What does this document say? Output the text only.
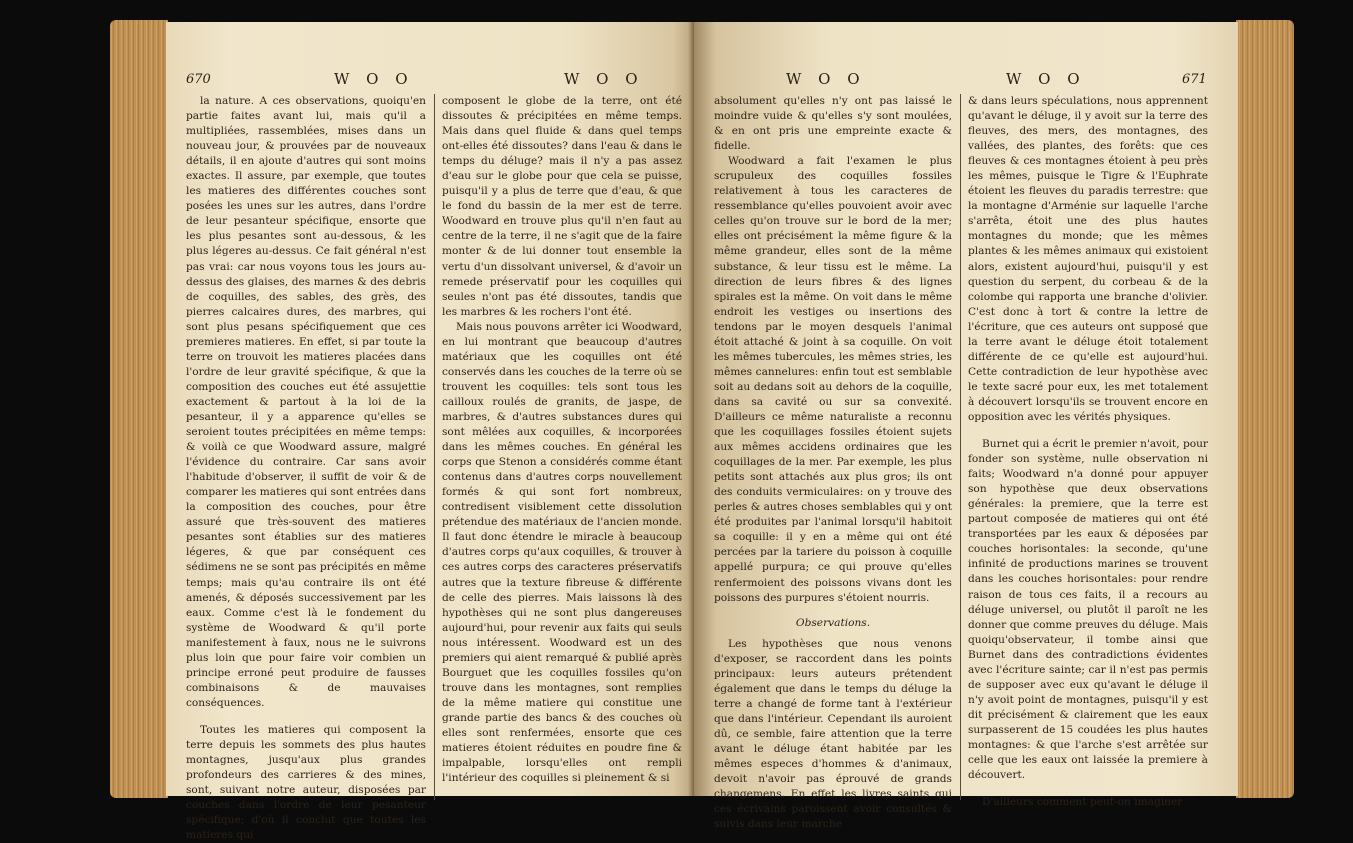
670	W O O	W O O

la nature. A ces observations, quoiqu'en partie faites avant lui, mais qu'il a multipliées, rassemblées, mises dans un nouveau jour, & prouvées par de nouveaux détails, il en ajoute d'autres qui sont moins exactes. Il assure, par exemple, que toutes les matieres des différentes couches sont posées les unes sur les autres, dans l'ordre de leur pesanteur spécifique, ensorte que les plus pesantes sont au-dessous, & les plus légeres au-dessus. Ce fait général n'est pas vrai: car nous voyons tous les jours au-dessus des glaises, des marnes & des debris de coquilles, des sables, des grès, des pierres calcaires dures, des marbres, qui sont plus pesans spécifiquement que ces premieres matieres. En effet, si par toute la terre on trouvoit les matieres placées dans l'ordre de leur gravité spécifique, & que la composition des couches eut été assujettie exactement & partout à la loi de la pesanteur, il y a apparence qu'elles se seroient toutes précipitées en même temps: & voilà ce que Woodward assure, malgré l'évidence du contraire. Car sans avoir l'habitude d'observer, il suffit de voir & de comparer les matieres qui sont entrées dans la composition des couches, pour être assuré que très-souvent des matieres pesantes sont établies sur des matieres légeres, & que par conséquent ces sédimens ne se sont pas précipités en même temps; mais qu'au contraire ils ont été amenés, & déposés successivement par les eaux. Comme c'est là le fondement du système de Woodward & qu'il porte manifestement à faux, nous ne le suivrons plus loin que pour faire voir combien un principe erroné peut produire de fausses combinaisons & de mauvaises conséquences.

Toutes les matieres qui composent la terre depuis les sommets des plus hautes montagnes, jusqu'aux plus grandes profondeurs des carrieres & des mines, sont, suivant notre auteur, disposées par couches dans l'ordre de leur pesanteur spécifique; d'où il conclut que toutes les matieres qui

composent le globe de la terre, ont été dissoutes & précipitées en même temps. Mais dans quel fluide & dans quel temps ont-elles été dissoutes? dans l'eau & dans le temps du déluge? mais il n'y a pas assez d'eau sur le globe pour que cela se puisse, puisqu'il y a plus de terre que d'eau, & que le fond du bassin de la mer est de terre. Woodward en trouve plus qu'il n'en faut au centre de la terre, il ne s'agit que de la faire monter & de lui donner tout ensemble la vertu d'un dissolvant universel, & d'avoir un remede préservatif pour les coquilles qui seules n'ont pas été dissoutes, tandis que les marbres & les rochers l'ont été.

Mais nous pouvons arrêter ici Woodward, en lui montrant que beaucoup d'autres matériaux que les coquilles ont été conservés dans les couches de la terre où se trouvent les coquilles: tels sont tous les cailloux roulés de granits, de jaspe, de marbres, & d'autres substances dures qui sont mêlées aux coquilles, & incorporées dans les mêmes couches. En général les corps que Stenon a considérés comme étant contenus dans d'autres corps nouvellement formés & qui sont fort nombreux, contredisent visiblement cette dissolution prétendue des matériaux de l'ancien monde. Il faut donc étendre le miracle à beaucoup d'autres corps qu'aux coquilles, & trouver à ces autres corps des caracteres préservatifs autres que la texture fibreuse & différente de celle des pierres. Mais laissons là des hypothèses qui ne sont plus dangereuses aujourd'hui, pour revenir aux faits qui seuls nous intéressent. Woodward est un des premiers qui aient remarqué & publié après Bourguet que les coquilles fossiles qu'on trouve dans les montagnes, sont remplies de la même matiere qui constitue une grande partie des bancs & des couches où elles sont renfermées, ensorte que ces matieres étoient réduites en poudre fine & impalpable, lorsqu'elles ont rempli l'intérieur des coquilles si pleinement & si

W O O	W O O	671

absolument qu'elles n'y ont pas laissé le moindre vuide & qu'elles s'y sont moulées, & en ont pris une empreinte exacte & fidelle.

Woodward a fait l'examen le plus scrupuleux des coquilles fossiles relativement à tous les caracteres de ressemblance qu'elles pouvoient avoir avec celles qu'on trouve sur le bord de la mer; elles ont précisément la même figure & la même grandeur, elles sont de la même substance, & leur tissu est le même. La direction de leurs fibres & des lignes spirales est la même. On voit dans le même endroit les vestiges ou insertions des tendons par le moyen desquels l'animal étoit attaché & joint à sa coquille. On voit les mêmes tubercules, les mêmes stries, les mêmes cannelures: enfin tout est semblable soit au dedans soit au dehors de la coquille, dans sa cavité ou sur sa convexité. D'ailleurs ce même naturaliste a reconnu que les coquillages fossiles étoient sujets aux mêmes accidens ordinaires que les coquillages de la mer. Par exemple, les plus petits sont attachés aux plus gros; ils ont des conduits vermiculaires: on y trouve des perles & autres choses semblables qui y ont été produites par l'animal lorsqu'il habitoit sa coquille: il y en a même qui ont été percées par la tariere du poisson à coquille appellé purpura; ce qui prouve qu'elles renfermoient des poissons vivans dont les poissons des purpures s'étoient nourris.

Observations.

Les hypothèses que nous venons d'exposer, se raccordent dans les points principaux: leurs auteurs prétendent également que dans le temps du déluge la terre a changé de forme tant à l'extérieur que dans l'intérieur. Cependant ils auroient dû, ce semble, faire attention que la terre avant le déluge étant habitée par les mêmes especes d'hommes & d'animaux, devoit n'avoir pas éprouvé de grands changemens. En effet les livres saints qui ces écrivains paroissent avoir consultés & suivis dans leur marche

& dans leurs spéculations, nous apprennent qu'avant le déluge, il y avoit sur la terre des fleuves, des mers, des montagnes, des vallées, des plantes, des forêts: que ces fleuves & ces montagnes étoient à peu près les mêmes, puisque le Tigre & l'Euphrate étoient les fleuves du paradis terrestre: que la montagne d'Arménie sur laquelle l'arche s'arrêta, étoit une des plus hautes montagnes du monde; que les mêmes plantes & les mêmes animaux qui existoient alors, existent aujourd'hui, puisqu'il y est question du serpent, du corbeau & de la colombe qui rapporta une branche d'olivier. C'est donc à tort & contre la lettre de l'écriture, que ces auteurs ont supposé que la terre avant le déluge étoit totalement différente de ce qu'elle est aujourd'hui. Cette contradiction de leur hypothèse avec le texte sacré pour eux, les met totalement à découvert lorsqu'ils se trouvent encore en opposition avec les vérités physiques.

Burnet qui a écrit le premier n'avoit, pour fonder son système, nulle observation ni faits; Woodward n'a donné pour appuyer son hypothèse que deux observations générales: la premiere, que la terre est partout composée de matieres qui ont été transportées par les eaux & déposées par couches horisontales: la seconde, qu'une infinité de productions marines se trouvent dans les couches horisontales: pour rendre raison de tous ces faits, il a recours au déluge universel, ou plutôt il paroît ne les donner que comme preuves du déluge. Mais quoiqu'observateur, il tombe ainsi que Burnet dans des contradictions évidentes avec l'écriture sainte; car il n'est pas permis de supposer avec eux qu'avant le déluge il n'y avoit point de montagnes, puisqu'il y est dit précisément & clairement que les eaux surpasserent de 15 coudées les plus hautes montagnes: & que l'arche s'est arrêtée sur celle que les eaux ont laissée la premiere à découvert.

D'ailleurs comment peut-on imaginer
